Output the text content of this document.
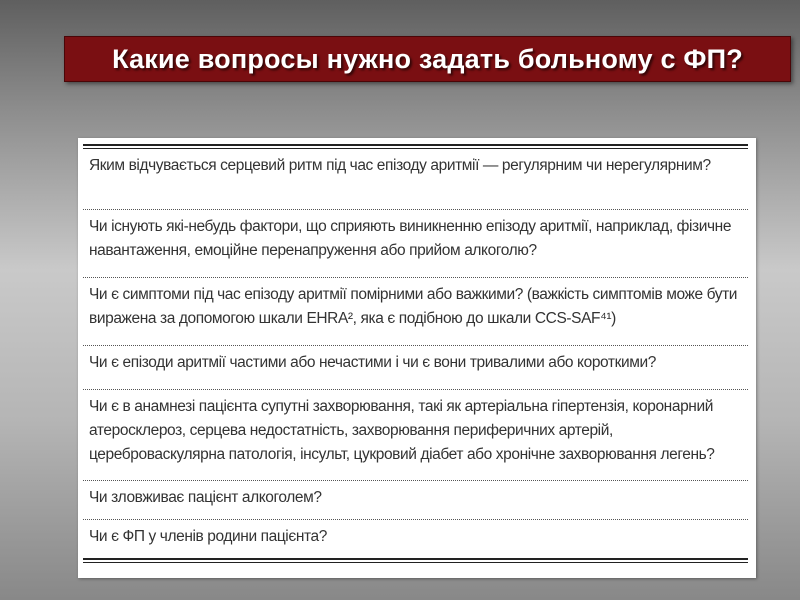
Какие вопросы нужно задать больному с ФП?
Яким відчувається серцевий ритм під час епізоду аритмії — регулярним чи нерегулярним?
Чи існують які-небудь фактори, що сприяють виникненню епізоду аритмії, наприклад, фізичне навантаження, емоційне перенапруження або прийом алкоголю?
Чи є симптоми під час епізоду аритмії помірними або важкими? (важкість симптомів може бути виражена за допомогою шкали EHRA², яка є подібною до шкали CCS-SAF⁴¹)
Чи є епізоди аритмії частими або нечастими і чи є вони тривалими або короткими?
Чи є в анамнезі пацієнта супутні захворювання, такі як артеріальна гіпертензія, коронарний атеросклероз, серцева недостатність, захворювання периферичних артерій, цереброваскулярна патологія, інсульт, цукровий діабет або хронічне захворювання легень?
Чи зловживає пацієнт алкоголем?
Чи є ФП у членів родини пацієнта?
